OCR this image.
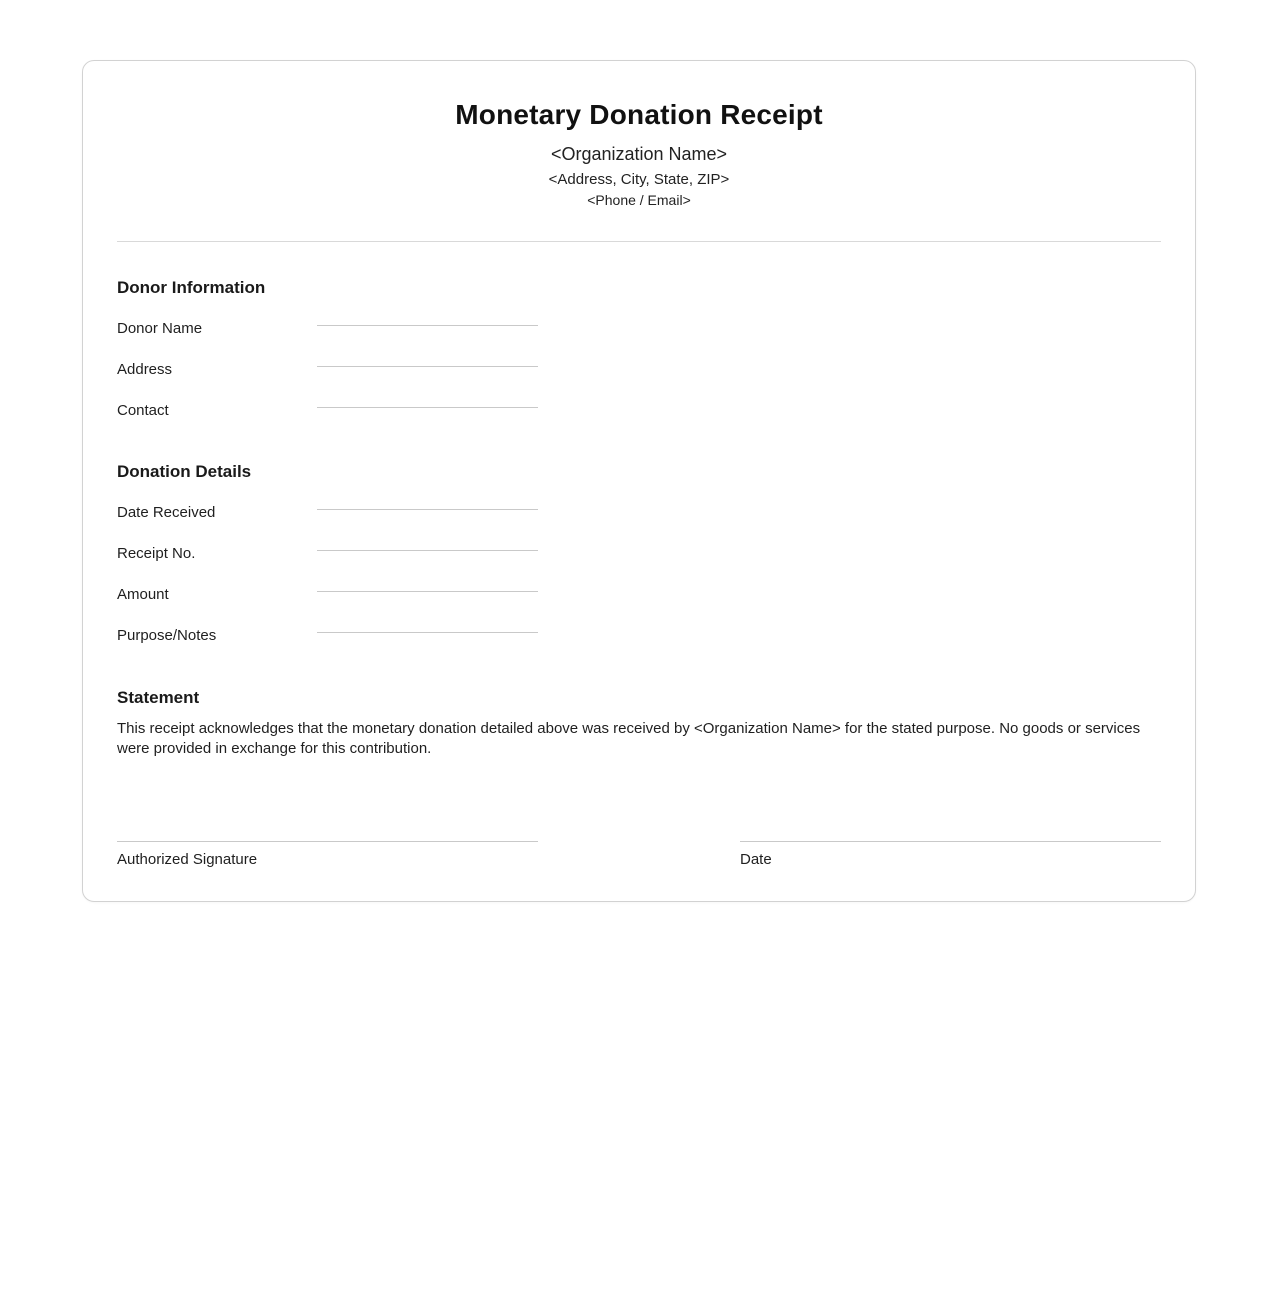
Monetary Donation Receipt
<Organization Name>
<Address, City, State, ZIP>
<Phone / Email>
Donor Information
Donor Name
Address
Contact
Donation Details
Date Received
Receipt No.
Amount
Purpose/Notes
Statement

This receipt acknowledges that the monetary donation detailed above was received by <Organization Name> for the stated purpose. No goods or services were provided in exchange for this contribution.

Authorized Signature	Date
